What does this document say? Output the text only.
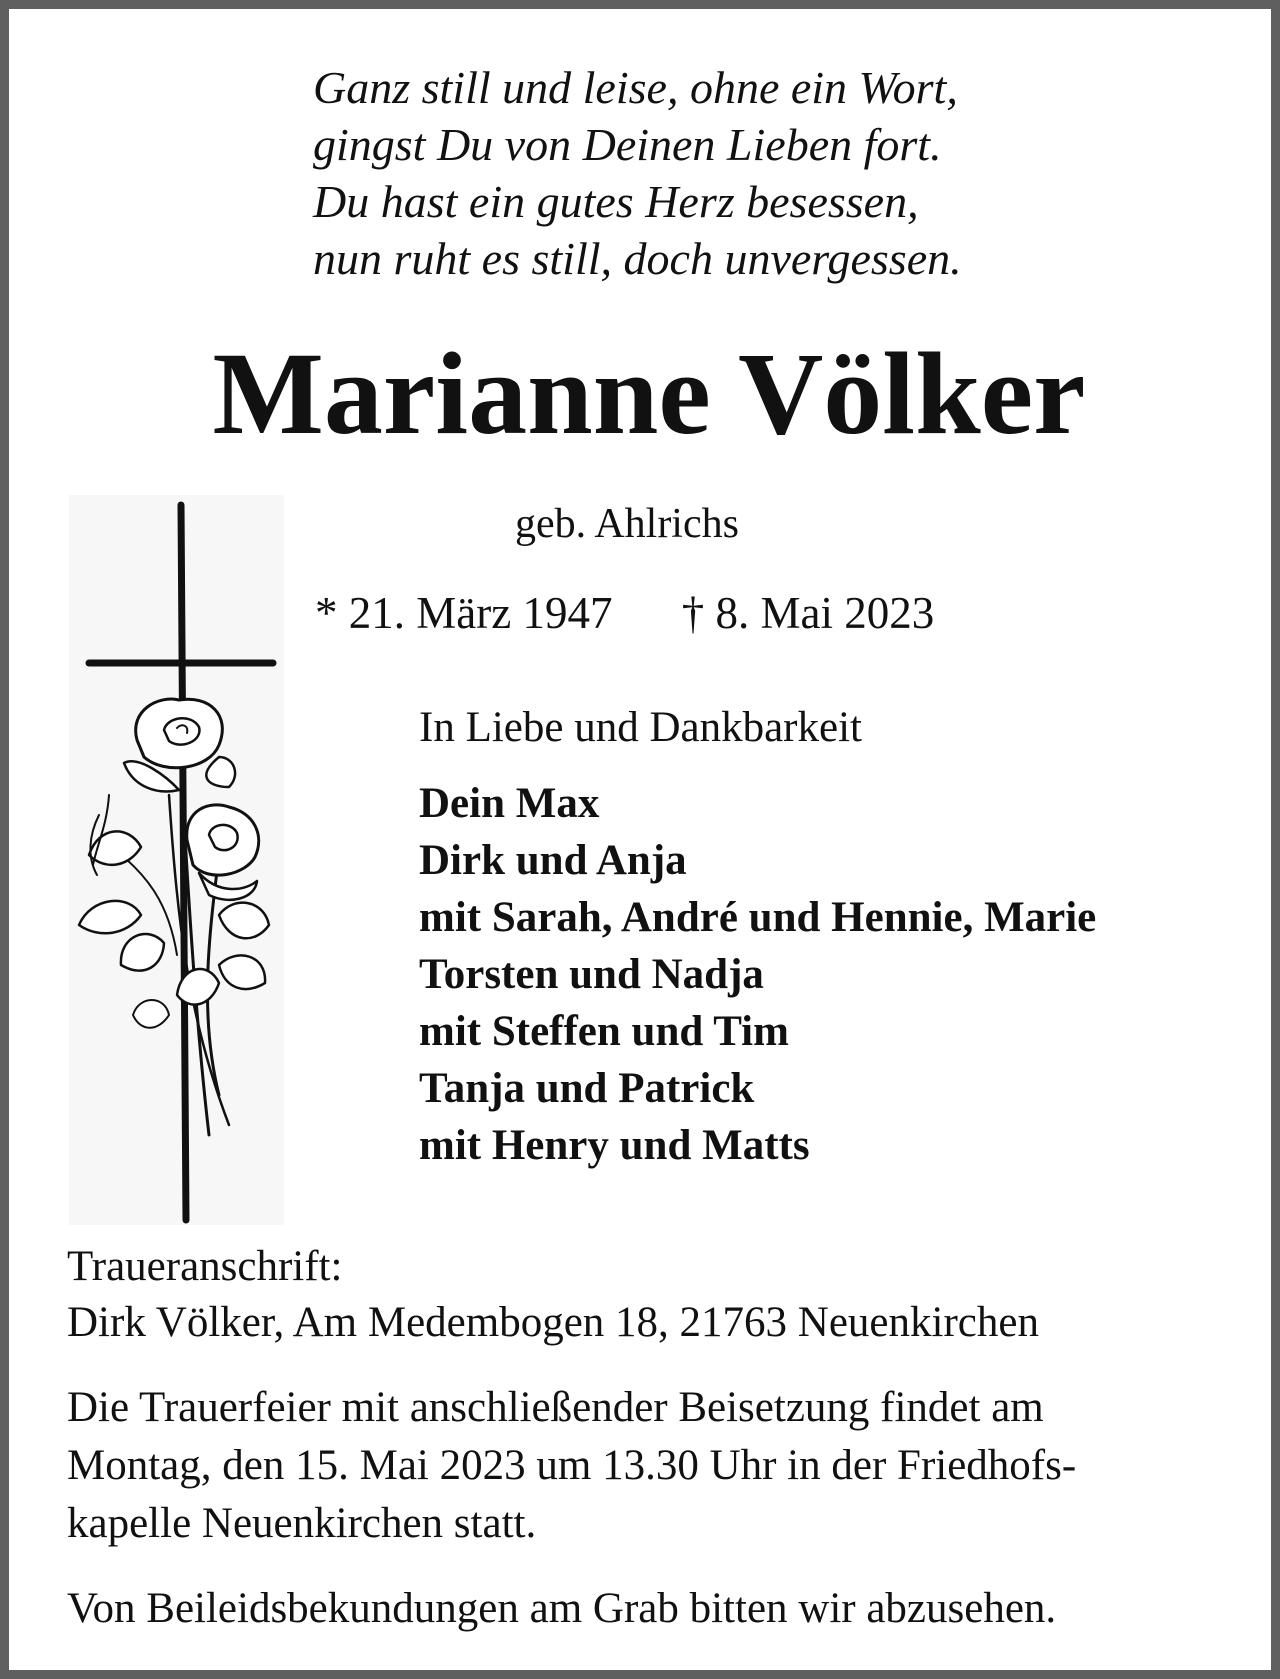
Ganz still und leise, ohne ein Wort,
gingst Du von Deinen Lieben fort.
Du hast ein gutes Herz besessen,
nun ruht es still, doch unvergessen.
Marianne Völker
geb. Ahlrichs
* 21. März 1947 † 8. Mai 2023
In Liebe und Dankbarkeit
Dein Max
Dirk und Anja
mit Sarah, André und Hennie, Marie
Torsten und Nadja
mit Steffen und Tim
Tanja und Patrick
mit Henry und Matts
Traueranschrift:
Dirk Völker, Am Medembogen 18, 21763 Neuenkirchen
Die Trauerfeier mit anschließender Beisetzung findet am
Montag, den 15. Mai 2023 um 13.30 Uhr in der Friedhofs-
kapelle Neuenkirchen statt.
Von Beileidsbekundungen am Grab bitten wir abzusehen.
